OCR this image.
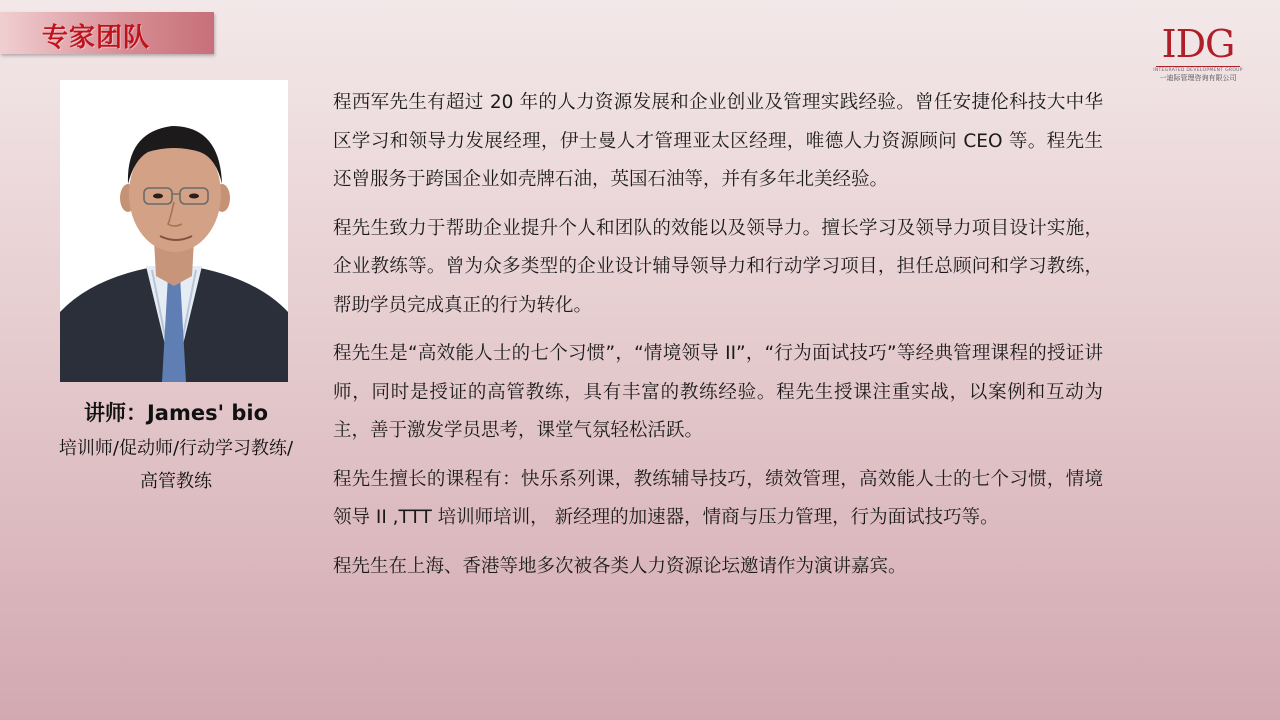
专家团队	IDG
INTEGRATED DEVELOPMENT GROUP
一迪际管理咨询有限公司
讲师：James' bio
培训师/促动师/行动学习教练/高管教练

程西军先生有超过 20 年的人力资源发展和企业创业及管理实践经验。曾任安捷伦科技大中华区学习和领导力发展经理，伊士曼人才管理亚太区经理，唯德人力资源顾问 CEO 等。程先生还曾服务于跨国企业如壳牌石油，英国石油等，并有多年北美经验。

程先生致力于帮助企业提升个人和团队的效能以及领导力。擅长学习及领导力项目设计实施，企业教练等。曾为众多类型的企业设计辅导领导力和行动学习项目，担任总顾问和学习教练，帮助学员完成真正的行为转化。

程先生是“高效能人士的七个习惯”，“情境领导 II”，“行为面试技巧”等经典管理课程的授证讲师，同时是授证的高管教练，具有丰富的教练经验。程先生授课注重实战，以案例和互动为主，善于激发学员思考，课堂气氛轻松活跃。

程先生擅长的课程有：快乐系列课，教练辅导技巧，绩效管理，高效能人士的七个习惯，情境领导 II ,TTT 培训师培训， 新经理的加速器，情商与压力管理，行为面试技巧等。

程先生在上海、香港等地多次被各类人力资源论坛邀请作为演讲嘉宾。
